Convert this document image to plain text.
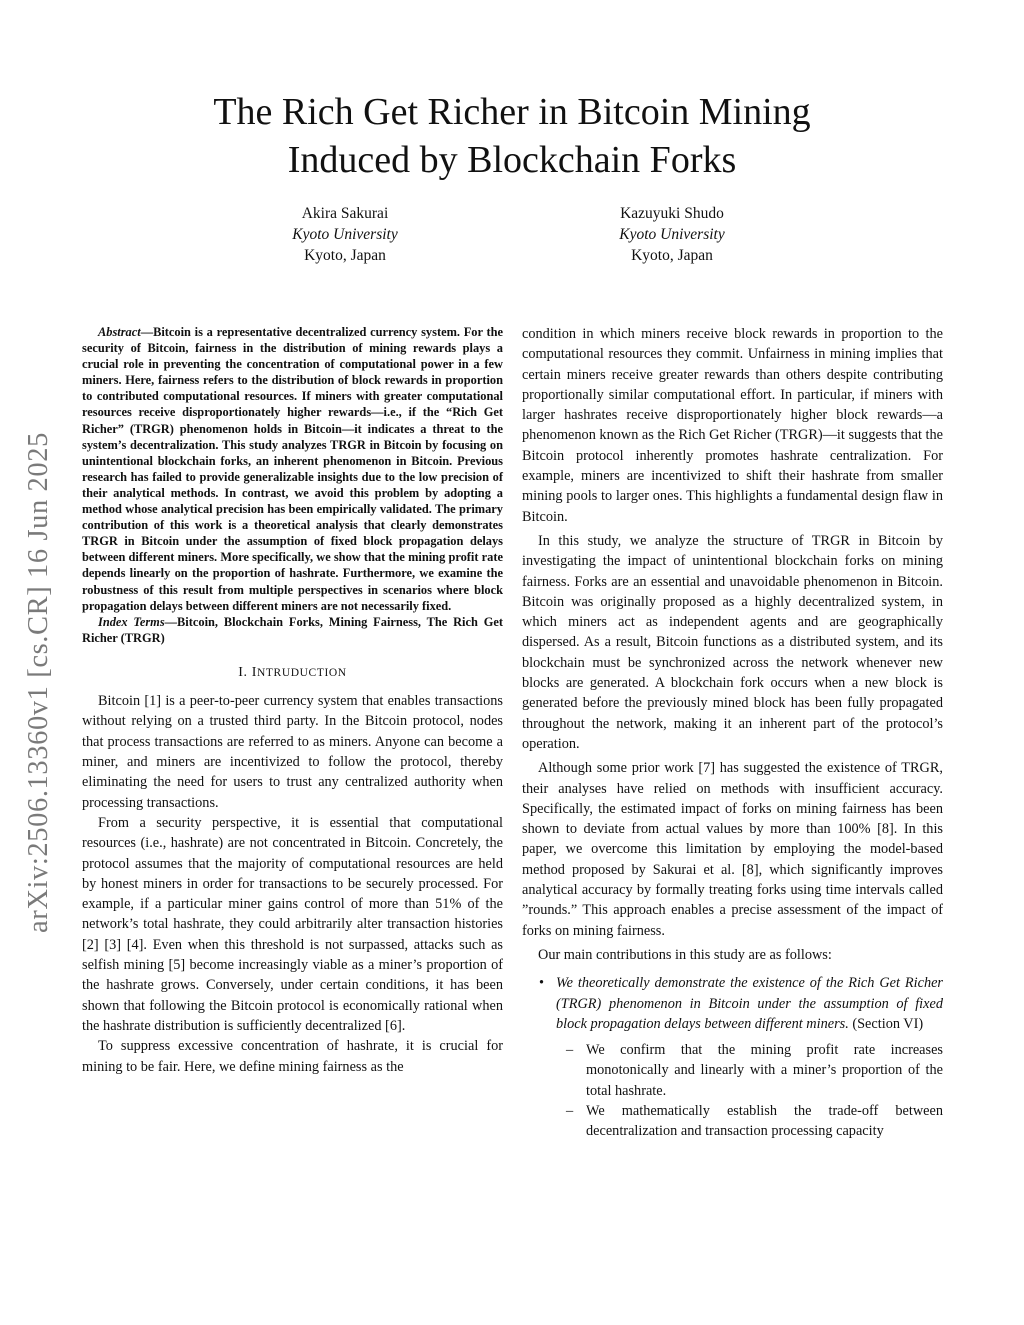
arXiv:2506.13360v1 [cs.CR] 16 Jun 2025
The Rich Get Richer in Bitcoin Mining
Induced by Blockchain Forks
Akira Sakurai
Kyoto University
Kyoto, Japan
Kazuyuki Shudo
Kyoto University
Kyoto, Japan

Abstract—Bitcoin is a representative decentralized currency system. For the security of Bitcoin, fairness in the distribution of mining rewards plays a crucial role in preventing the concentration of computational power in a few miners. Here, fairness refers to the distribution of block rewards in proportion to contributed computational resources. If miners with greater computational resources receive disproportionately higher rewards—i.e., if the “Rich Get Richer” (TRGR) phenomenon holds in Bitcoin—it indicates a threat to the system’s decentralization. This study analyzes TRGR in Bitcoin by focusing on unintentional blockchain forks, an inherent phenomenon in Bitcoin. Previous research has failed to provide generalizable insights due to the low precision of their analytical methods. In contrast, we avoid this problem by adopting a method whose analytical precision has been empirically validated. The primary contribution of this work is a theoretical analysis that clearly demonstrates TRGR in Bitcoin under the assumption of fixed block propagation delays between different miners. More specifically, we show that the mining profit rate depends linearly on the proportion of hashrate. Furthermore, we examine the robustness of this result from multiple perspectives in scenarios where block propagation delays between different miners are not necessarily fixed.

Index Terms—Bitcoin, Blockchain Forks, Mining Fairness, The Rich Get Richer (TRGR)

I. INTRUDUCTION

Bitcoin [1] is a peer-to-peer currency system that enables transactions without relying on a trusted third party. In the Bitcoin protocol, nodes that process transactions are referred to as miners. Anyone can become a miner, and miners are incentivized to follow the protocol, thereby eliminating the need for users to trust any centralized authority when processing transactions.

From a security perspective, it is essential that computational resources (i.e., hashrate) are not concentrated in Bitcoin. Concretely, the protocol assumes that the majority of computational resources are held by honest miners in order for transactions to be securely processed. For example, if a particular miner gains control of more than 51% of the network’s total hashrate, they could arbitrarily alter transaction histories [2] [3] [4]. Even when this threshold is not surpassed, attacks such as selfish mining [5] become increasingly viable as a miner’s proportion of the hashrate grows. Conversely, under certain conditions, it has been shown that following the Bitcoin protocol is economically rational when the hashrate distribution is sufficiently decentralized [6].

To suppress excessive concentration of hashrate, it is crucial for mining to be fair. Here, we define mining fairness as the

condition in which miners receive block rewards in proportion to the computational resources they commit. Unfairness in mining implies that certain miners receive greater rewards than others despite contributing proportionally similar computational effort. In particular, if miners with larger hashrates receive disproportionately higher block rewards—a phenomenon known as the Rich Get Richer (TRGR)—it suggests that the Bitcoin protocol inherently promotes hashrate centralization. For example, miners are incentivized to shift their hashrate from smaller mining pools to larger ones. This highlights a fundamental design flaw in Bitcoin.

In this study, we analyze the structure of TRGR in Bitcoin by investigating the impact of unintentional blockchain forks on mining fairness. Forks are an essential and unavoidable phenomenon in Bitcoin. Bitcoin was originally proposed as a highly decentralized system, in which miners act as independent agents and are geographically dispersed. As a result, Bitcoin functions as a distributed system, and its blockchain must be synchronized across the network whenever new blocks are generated. A blockchain fork occurs when a new block is generated before the previously mined block has been fully propagated throughout the network, making it an inherent part of the protocol’s operation.

Although some prior work [7] has suggested the existence of TRGR, their analyses have relied on methods with insufficient accuracy. Specifically, the estimated impact of forks on mining fairness has been shown to deviate from actual values by more than 100% [8]. In this paper, we overcome this limitation by employing the model-based method proposed by Sakurai et al. [8], which significantly improves analytical accuracy by formally treating forks using time intervals called ”rounds.” This approach enables a precise assessment of the impact of forks on mining fairness.

Our main contributions in this study are as follows:

• We theoretically demonstrate the existence of the Rich Get Richer (TRGR) phenomenon in Bitcoin under the assumption of fixed block propagation delays between different miners. (Section VI)
– We confirm that the mining profit rate increases monotonically and linearly with a miner’s proportion of the total hashrate.
– We mathematically establish the trade-off between decentralization and transaction processing capacity
